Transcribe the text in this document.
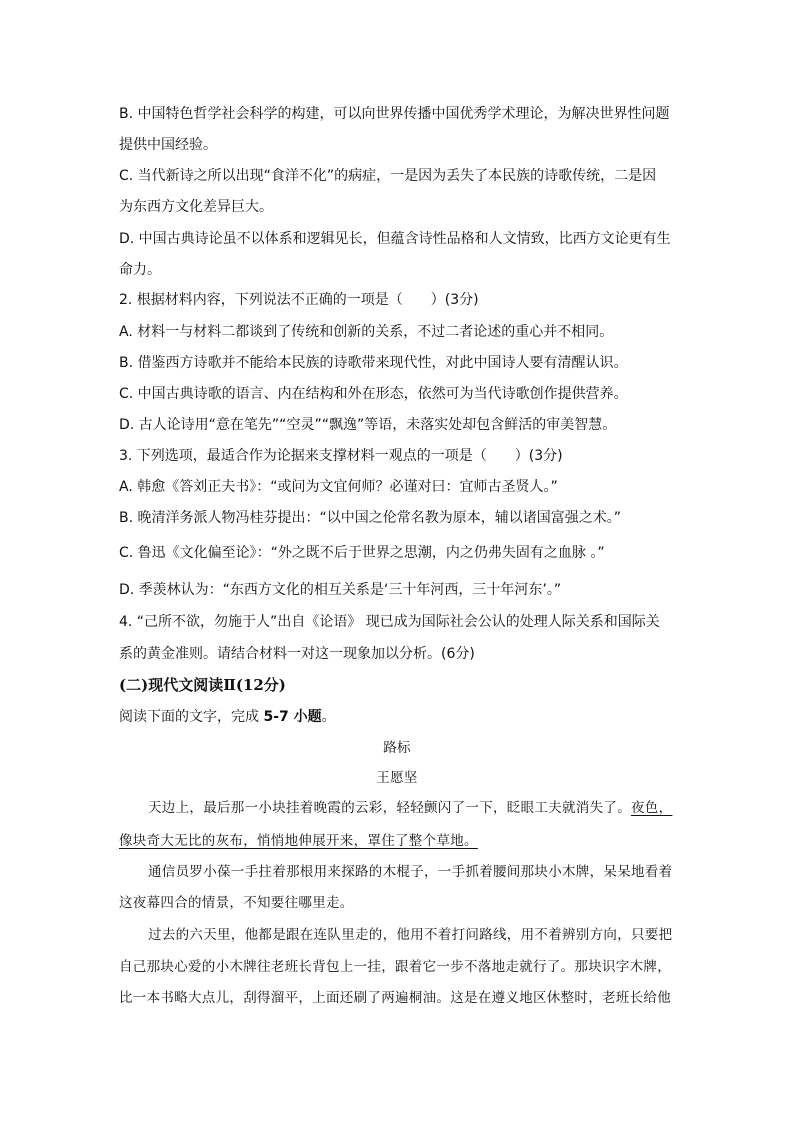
B. 中国特色哲学社会科学的构建，可以向世界传播中国优秀学术理论，为解决世界性问题
提供中国经验。
C. 当代新诗之所以出现“食洋不化”的病症，一是因为丢失了本民族的诗歌传统，二是因
为东西方文化差异巨大。
D. 中国古典诗论虽不以体系和逻辑见长，但蕴含诗性品格和人文情致，比西方文论更有生
命力。
2. 根据材料内容，下列说法不正确的一项是（　　）(3分)
A. 材料一与材料二都谈到了传统和创新的关系，不过二者论述的重心并不相同。
B. 借鉴西方诗歌并不能给本民族的诗歌带来现代性，对此中国诗人要有清醒认识。
C. 中国古典诗歌的语言、内在结构和外在形态，依然可为当代诗歌创作提供营养。
D. 古人论诗用“意在笔先”“空灵”“飘逸”等语，未落实处却包含鲜活的审美智慧。
3. 下列选项，最适合作为论据来支撑材料一观点的一项是（　　）(3分)
A. 韩愈《答刘正夫书》：“或问为文宜何师？必谨对曰：宜师古圣贤人。”
B. 晚清洋务派人物冯桂芬提出：“以中国之伦常名教为原本，辅以诸国富强之术。”
C. 鲁迅《文化偏至论》：“外之既不后于世界之思潮，内之仍弗失固有之血脉 。”
D. 季羡林认为：“东西方文化的相互关系是‘三十年河西，三十年河东’。”
4. “己所不欲，勿施于人”出自《论语》 现已成为国际社会公认的处理人际关系和国际关
系的黄金准则。请结合材料一对这一现象加以分析。(6分)
(二)现代文阅读Ⅱ(12分)
阅读下面的文字，完成 5-7 小题。
路标
王愿坚
天边上，最后那一小块挂着晚霞的云彩，轻轻颤闪了一下，眨眼工夫就消失了。夜色，
像块奇大无比的灰布，悄悄地伸展开来，罩住了整个草地。
通信员罗小葆一手拄着那根用来探路的木棍子，一手抓着腰间那块小木牌，呆呆地看着
这夜幕四合的情景，不知要往哪里走。
过去的六天里，他都是跟在连队里走的，他用不着打问路线，用不着辨别方向，只要把
自己那块心爱的小木牌往老班长背包上一挂，跟着它一步不落地走就行了。那块识字木牌，
比一本书略大点儿，刮得溜平，上面还刷了两遍桐油。这是在遵义地区休整时，老班长给他
